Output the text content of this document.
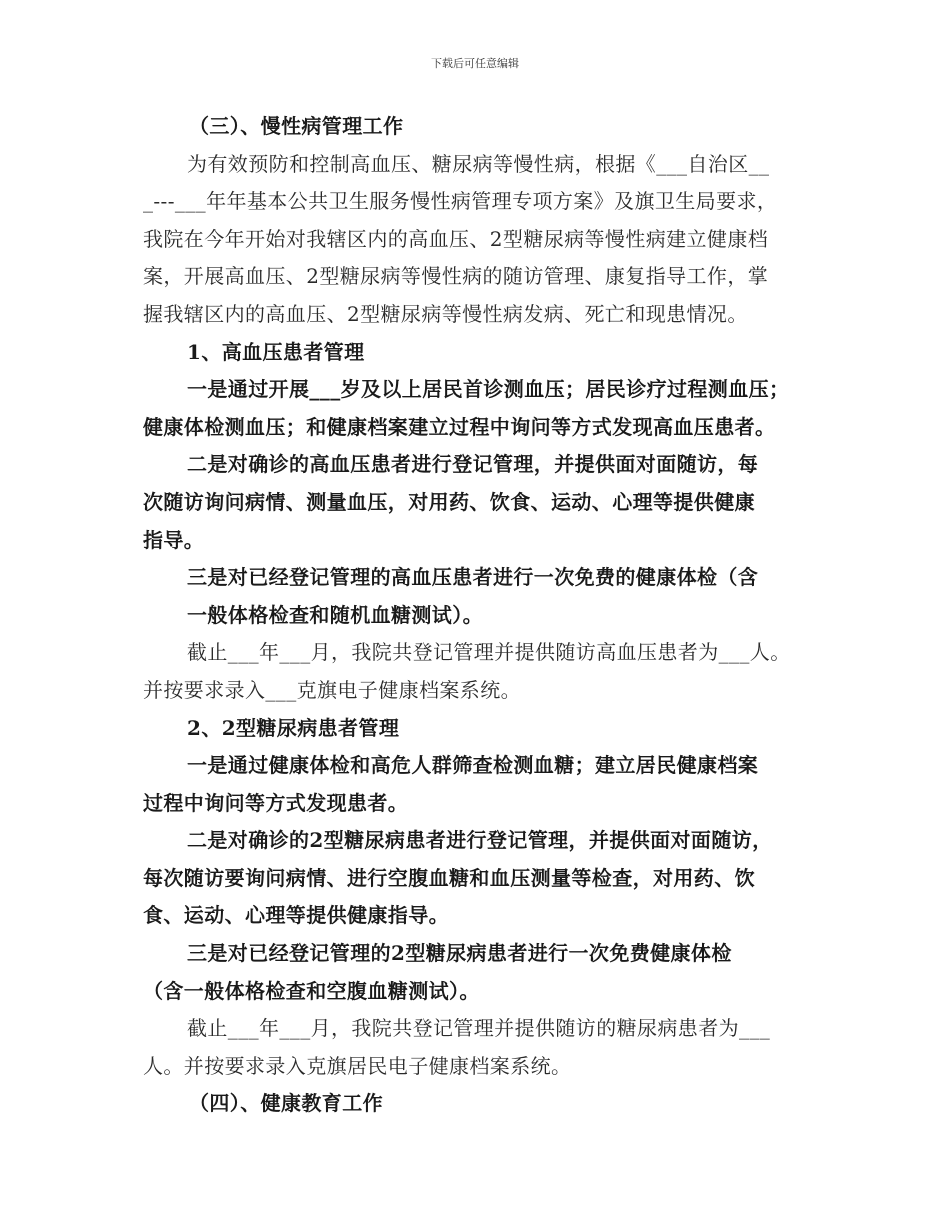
下载后可任意编辑
（三）、慢性病管理工作
为有效预防和控制高血压、糖尿病等慢性病，根据《___自治区__
_---___年年基本公共卫生服务慢性病管理专项方案》及旗卫生局要求，
我院在今年开始对我辖区内的高血压、2型糖尿病等慢性病建立健康档
案，开展高血压、2型糖尿病等慢性病的随访管理、康复指导工作，掌
握我辖区内的高血压、2型糖尿病等慢性病发病、死亡和现患情况。
1、高血压患者管理
一是通过开展___岁及以上居民首诊测血压；居民诊疗过程测血压；
健康体检测血压；和健康档案建立过程中询问等方式发现高血压患者。
二是对确诊的高血压患者进行登记管理，并提供面对面随访，每
次随访询问病情、测量血压，对用药、饮食、运动、心理等提供健康
指导。
三是对已经登记管理的高血压患者进行一次免费的健康体检（含
一般体格检查和随机血糖测试）。
截止___年___月，我院共登记管理并提供随访高血压患者为___人。
并按要求录入___克旗电子健康档案系统。
2、2型糖尿病患者管理
一是通过健康体检和高危人群筛查检测血糖；建立居民健康档案
过程中询问等方式发现患者。
二是对确诊的2型糖尿病患者进行登记管理，并提供面对面随访，
每次随访要询问病情、进行空腹血糖和血压测量等检查，对用药、饮
食、运动、心理等提供健康指导。
三是对已经登记管理的2型糖尿病患者进行一次免费健康体检
（含一般体格检查和空腹血糖测试）。
截止___年___月，我院共登记管理并提供随访的糖尿病患者为___
人。并按要求录入克旗居民电子健康档案系统。
（四）、健康教育工作
